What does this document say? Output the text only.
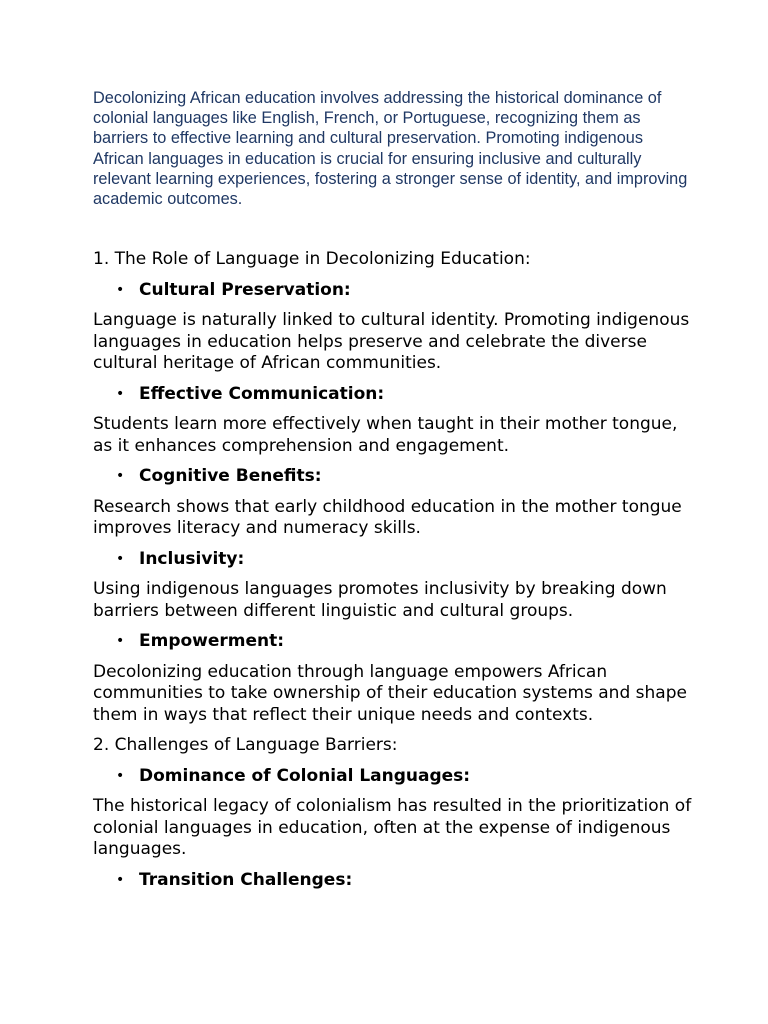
Decolonizing African education involves addressing the historical dominance of colonial languages like English, French, or Portuguese, recognizing them as barriers to effective learning and cultural preservation. Promoting indigenous African languages in education is crucial for ensuring inclusive and culturally relevant learning experiences, fostering a stronger sense of identity, and improving academic outcomes.

1. The Role of Language in Decolonizing Education:

• Cultural Preservation:

Language is naturally linked to cultural identity. Promoting indigenous languages in education helps preserve and celebrate the diverse cultural heritage of African communities.

• Effective Communication:

Students learn more effectively when taught in their mother tongue, as it enhances comprehension and engagement.

• Cognitive Benefits:

Research shows that early childhood education in the mother tongue improves literacy and numeracy skills.

• Inclusivity:

Using indigenous languages promotes inclusivity by breaking down barriers between different linguistic and cultural groups.

• Empowerment:

Decolonizing education through language empowers African communities to take ownership of their education systems and shape them in ways that reflect their unique needs and contexts.

2. Challenges of Language Barriers:

• Dominance of Colonial Languages:

The historical legacy of colonialism has resulted in the prioritization of colonial languages in education, often at the expense of indigenous languages.

• Transition Challenges:
